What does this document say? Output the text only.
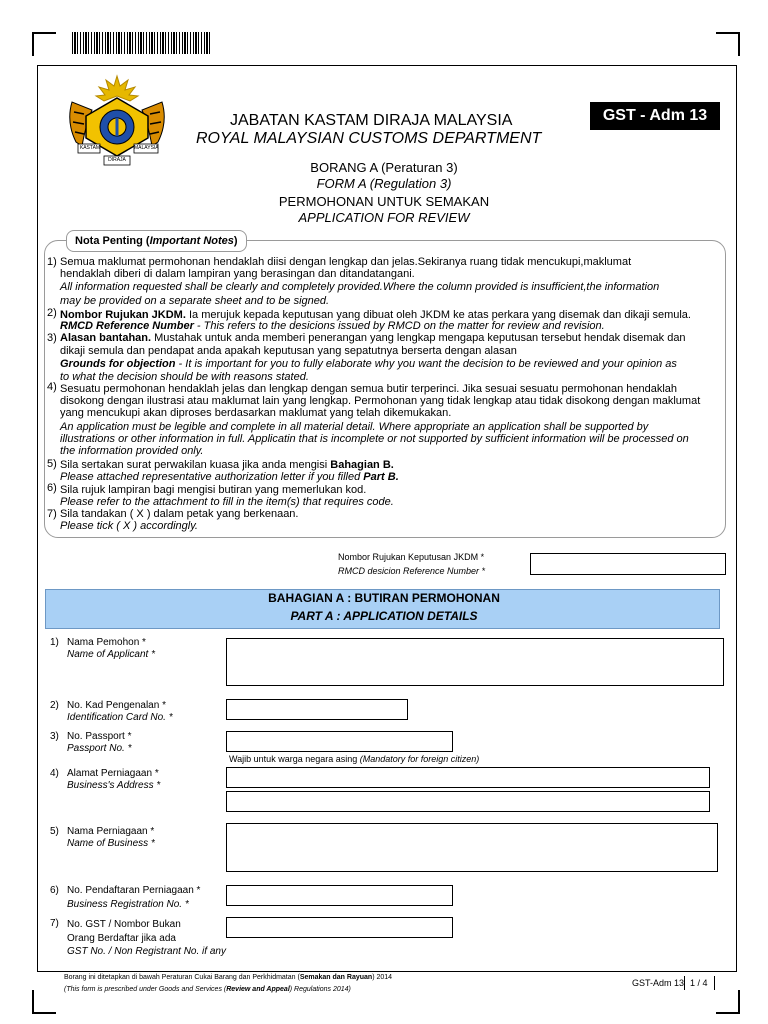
KASTAM	MALAYSIA
DIRAJA
JABATAN KASTAM DIRAJA MALAYSIA
ROYAL MALAYSIAN CUSTOMS DEPARTMENT
GST - Adm 13
BORANG A (Peraturan 3)
FORM A (Regulation 3)
PERMOHONAN UNTUK SEMAKAN
APPLICATION FOR REVIEW
Nota Penting (Important Notes)
1) Semua maklumat permohonan hendaklah diisi dengan lengkap dan jelas.Sekiranya ruang tidak mencukupi,maklumat
hendaklah diberi di dalam lampiran yang berasingan dan ditandatangani.
All information requested shall be clearly and completely provided.Where the column provided is insufficient,the information
may be provided on a separate sheet and to be signed.
2) Nombor Rujukan JKDM. Ia merujuk kepada keputusan yang dibuat oleh JKDM ke atas perkara yang disemak dan dikaji semula.
RMCD Reference Number - This refers to the desicions issued by RMCD on the matter for review and revision.
3) Alasan bantahan. Mustahak untuk anda memberi penerangan yang lengkap mengapa keputusan tersebut hendak disemak dan
dikaji semula dan pendapat anda apakah keputusan yang sepatutnya berserta dengan alasan
Grounds for objection - It is important for you to fully elaborate why you want the decision to be reviewed and your opinion as
to what the decision should be with reasons stated.
4) Sesuatu permohonan hendaklah jelas dan lengkap dengan semua butir terperinci. Jika sesuai sesuatu permohonan hendaklah
disokong dengan ilustrasi atau maklumat lain yang lengkap. Permohonan yang tidak lengkap atau tidak disokong dengan maklumat
yang mencukupi akan diproses berdasarkan maklumat yang telah dikemukakan.
An application must be legible and complete in all material detail. Where appropriate an application shall be supported by
illustrations or other information in full. Applicatin that is incomplete or not supported by sufficient information will be processed on
the information provided only.
5) Sila sertakan surat perwakilan kuasa jika anda mengisi Bahagian B.
Please attached representative authorization letter if you filled Part B.
6) Sila rujuk lampiran bagi mengisi butiran yang memerlukan kod.
Please refer to the attachment to fill in the item(s) that requires code.
7) Sila tandakan ( X ) dalam petak yang berkenaan.
Please tick ( X ) accordingly.
Nombor Rujukan Keputusan JKDM *
RMCD desicion Reference Number *
BAHAGIAN A : BUTIRAN PERMOHONAN
PART A : APPLICATION DETAILS
1) Nama Pemohon *
Name of Applicant *
2) No. Kad Pengenalan *
Identification Card No. *
3) No. Passport *
Passport No. *
Wajib untuk warga negara asing (Mandatory for foreign citizen)
4) Alamat Perniagaan *
Business's Address *
5) Nama Perniagaan *
Name of Business *
6) No. Pendaftaran Perniagaan *
Business Registration No. *
7) No. GST / Nombor Bukan
Orang Berdaftar jika ada
GST No. / Non Registrant No. if any
Borang ini ditetapkan di bawah Peraturan Cukai Barang dan Perkhidmatan (Semakan dan Rayuan) 2014
(This form is prescribed under Goods and Services (Review and Appeal) Regulations 2014)
GST-Adm 13 1 / 4
